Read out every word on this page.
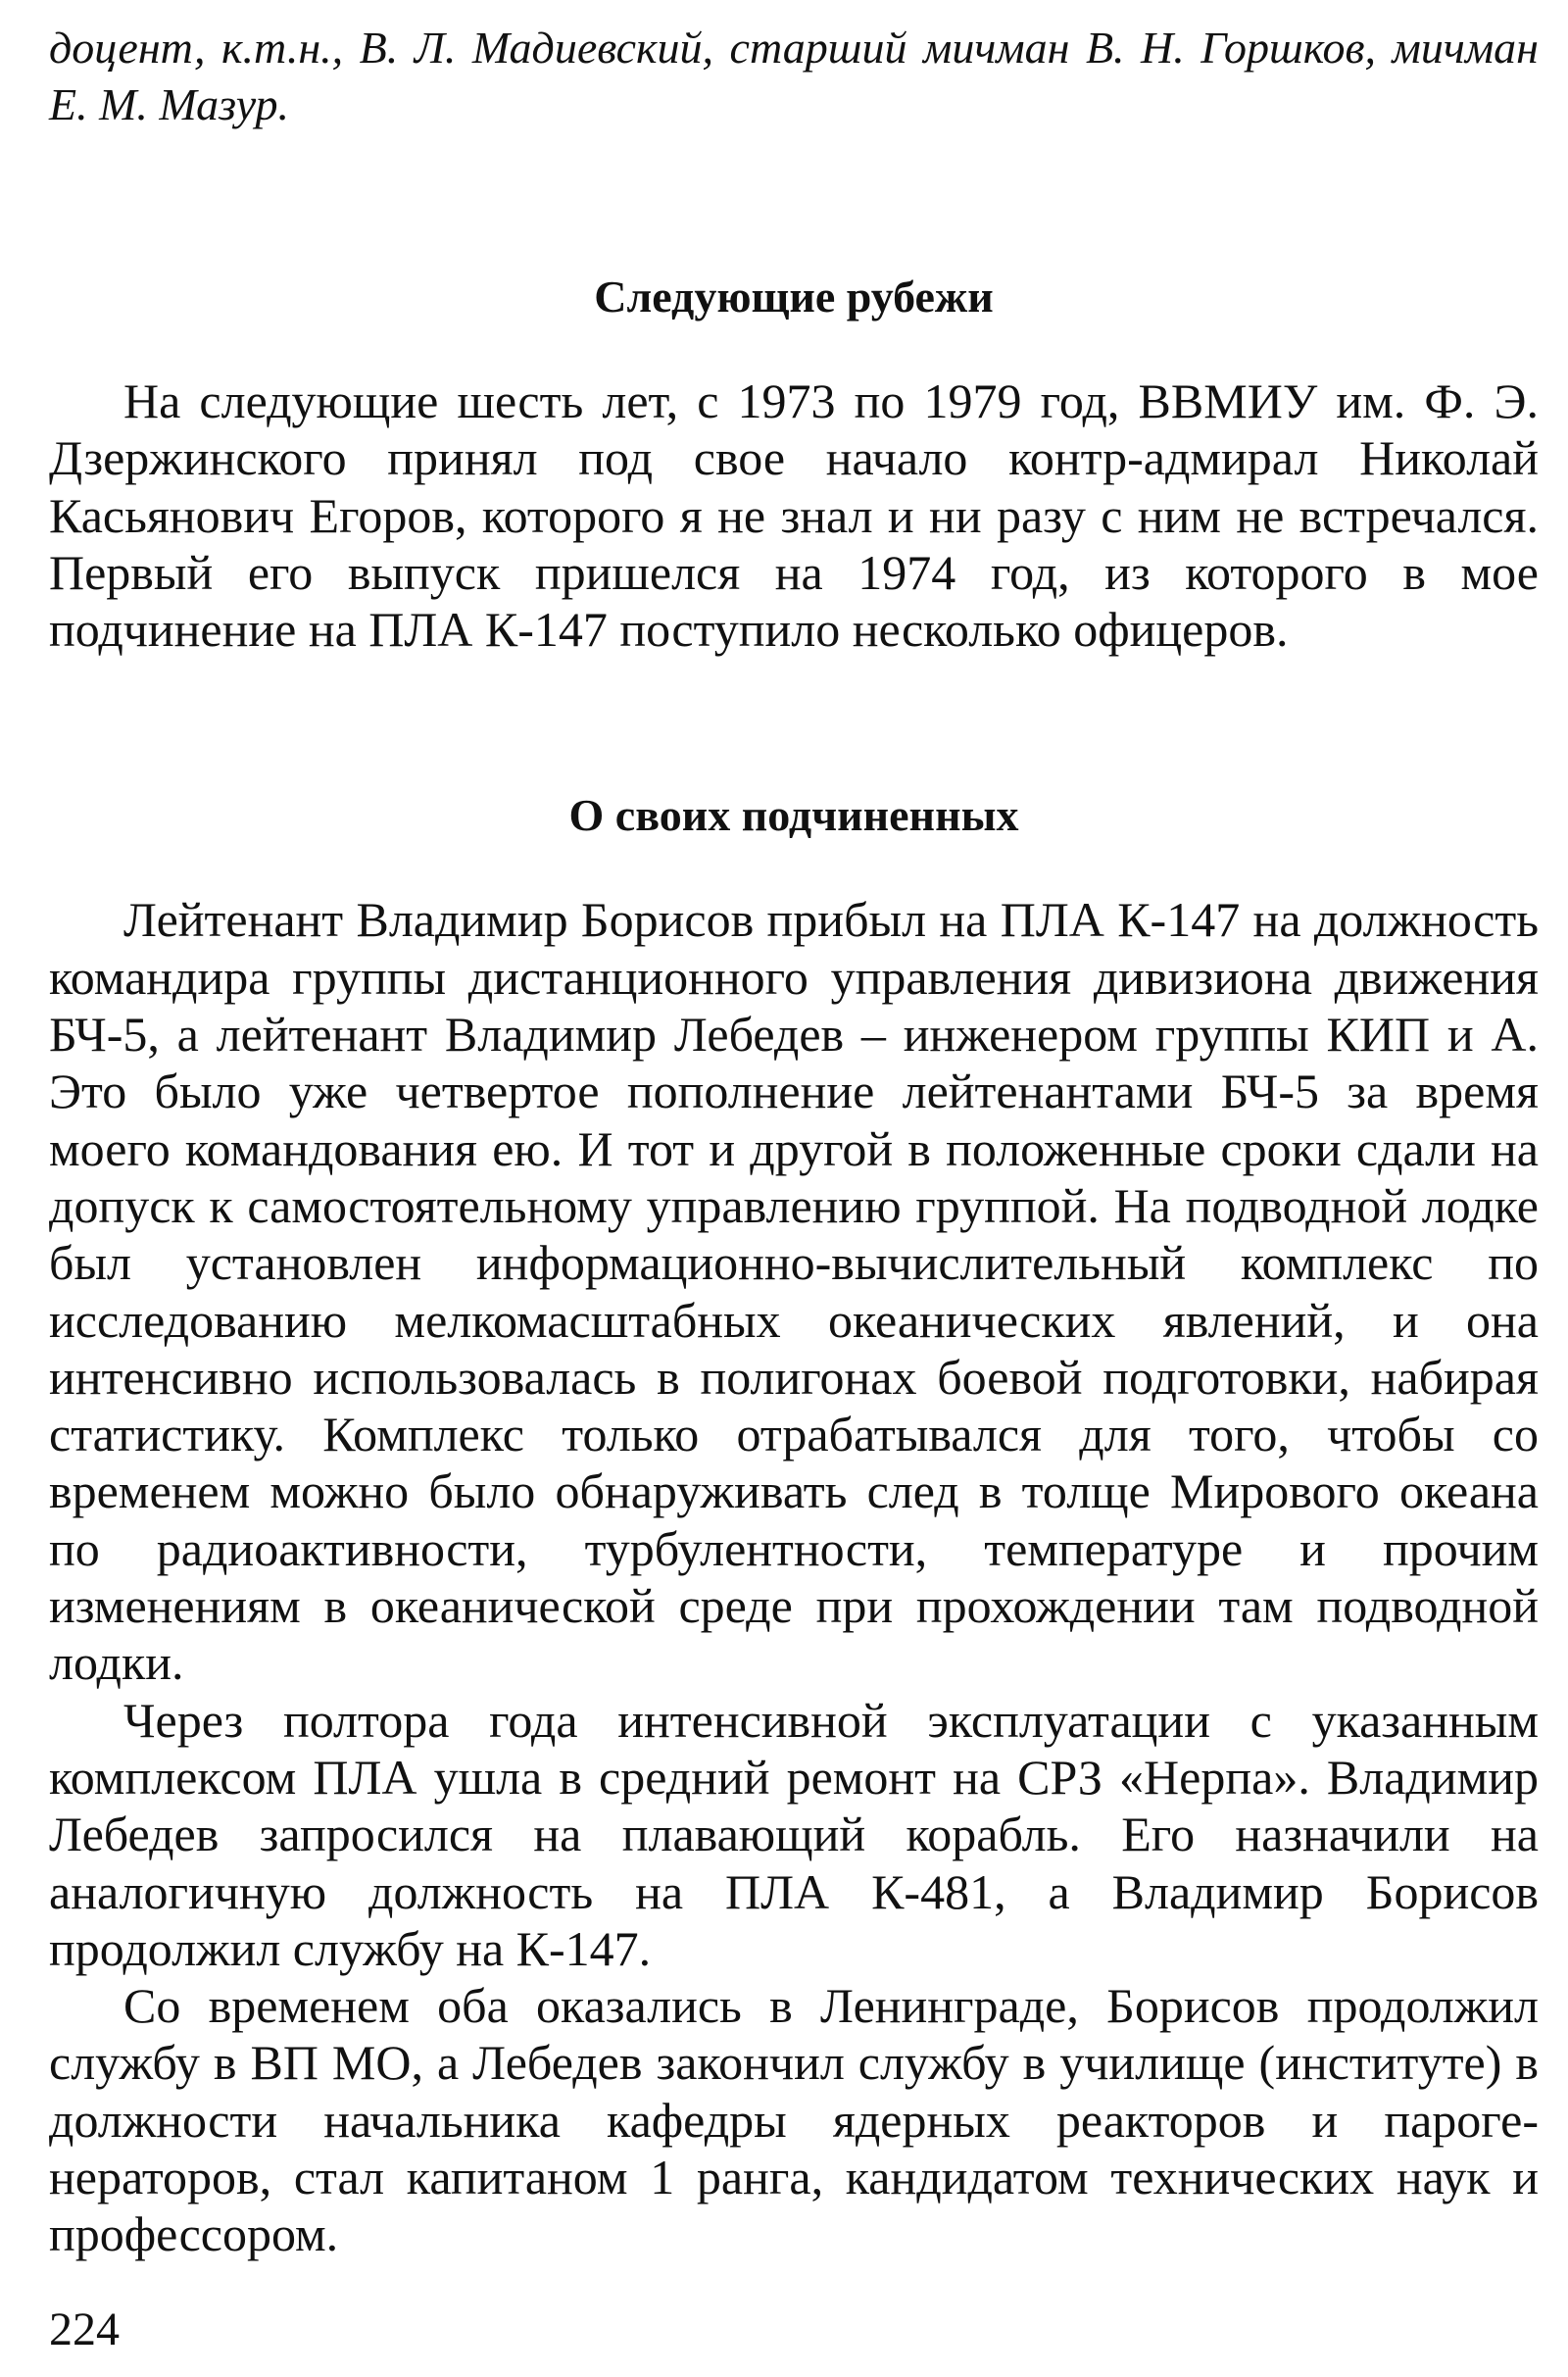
доцент, к.т.н., В. Л. Мадиевский, старший мичман В. Н. Горшков, мичман Е. М. Мазур.

Следующие рубежи

На следующие шесть лет, с 1973 по 1979 год, ВВМИУ им. Ф. Э. Дзержинского принял под свое начало контр-адмирал Николай Касьянович Егоров, которого я не знал и ни разу с ним не встречался. Первый его выпуск пришелся на 1974 год, из которого в мое подчинение на ПЛА К-147 поступило несколько офицеров.

О своих подчиненных

Лейтенант Владимир Борисов прибыл на ПЛА К-147 на должность командира группы дистанционного управления дивизиона движения БЧ-5, а лейтенант Владимир Лебедев – инженером группы КИП и А. Это было уже четвертое пополнение лейтенантами БЧ-5 за время моего командования ею. И тот и другой в положенные сроки сдали на допуск к самостоятельному управлению группой. На подводной лодке был установлен информационно-вычислительный комплекс по исследованию мелкомасштабных океанических явлений, и она интенсивно использовалась в полигонах боевой подготовки, набирая статистику. Комплекс только отрабатывался для того, чтобы со временем можно было обнаруживать след в толще Мирового океана по радиоактивности, турбулентности, температуре и прочим изменениям в океанической среде при прохождении там подводной лодки.

Через полтора года интенсивной эксплуатации с указанным комплексом ПЛА ушла в средний ремонт на СРЗ «Нерпа». Владимир Лебедев запросился на плавающий корабль. Его назначили на аналогичную должность на ПЛА К-481, а Владимир Борисов продолжил службу на К-147.

Со временем оба оказались в Ленинграде, Борисов продолжил службу в ВП МО, а Лебедев закончил службу в училище (институте) в должности начальника кафедры ядерных реакторов и парогенераторов, стал капитаном 1 ранга, кандидатом технических наук и профессором.

224
